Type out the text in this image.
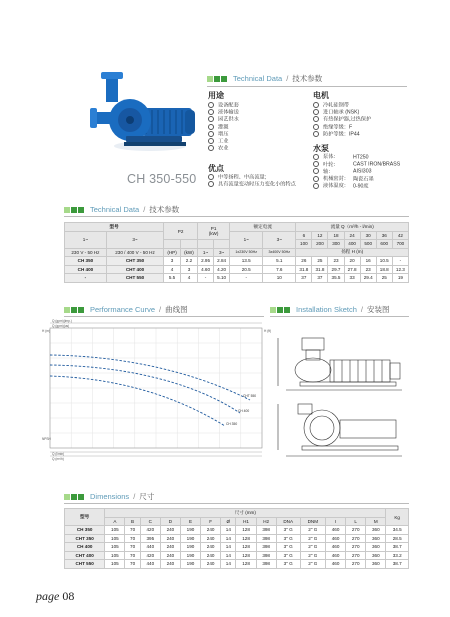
CH 350-550
Technical Data / 技术参数
用途
设备配套
液体输送
园艺供水
灌溉
增压
工业
农业
优点
中等扬程、中高流量;
具有流量变动时压力变化小的特点
电机
冷轧硅钢带
进口轴承 (NSK)
有热保护器,过热保护
绝缘等级：F
防护等级：IP44
水泵
泵体：	HT250
叶轮：	CAST IRON/BRASS
轴：	AISI303
机械密封： 陶瓷石墨
液体温度： 0-90度
Technical Data / 技术参数
型号		P2		P1
(kW)		额定电流		流量 Q（m³/h - l/min)						
1~	3~					1~	3~	6	12	18	24	30	36	42
								100	200	300	400	500	600	700
230 V - 50 Hz	230 / 400 V - 50 Hz	(HP)	(kW)	1~	3~	1x230V 50Hz	3x400V 50Hz	扬程 H (m)						
CH 350	CHT 350	3	2.2	2.95	2.84	13.5	5.1	26	25	23	20	16	10.5	-
CH 400	CHT 400	4	3	4.60	4.20	20.5	7.6	31.8	31.8	29.7	27.8	23	18.8	12.3
-	CHT 550	5.5	4	-	5.10	-	10	37	37	35.5	33	29.4	25	19
Performance Curve / 曲线图	Installation Sketch / 安装图
Q (gpm)(imp.)
Q (gpm)(us)
H (m)	H (ft)
NPSH
Q (l/min)
Q (m³/h)
CHT 550
CH 400
CH 350
Dimensions / 尺寸
型号	尺寸 (mm)														Kg
	A	B	C	D	E	F	Ø	H1	H2	DNA	DNM	I	L	M	
CH 350	105	70	420	240	190	240	14	128	398	3" G	2" G	460	270	360	34.5
CHT 350	105	70	395	240	190	240	14	128	398	3" G	2" G	460	270	360	28.5
CH 400	105	70	440	240	190	240	14	128	398	3" G	2" G	460	270	360	38.7
CHT 400	105	70	420	240	190	240	14	128	398	3" G	2" G	460	270	360	33.2
CHT 550	105	70	440	240	190	240	14	128	398	3" G	2" G	460	270	360	38.7
page 08
